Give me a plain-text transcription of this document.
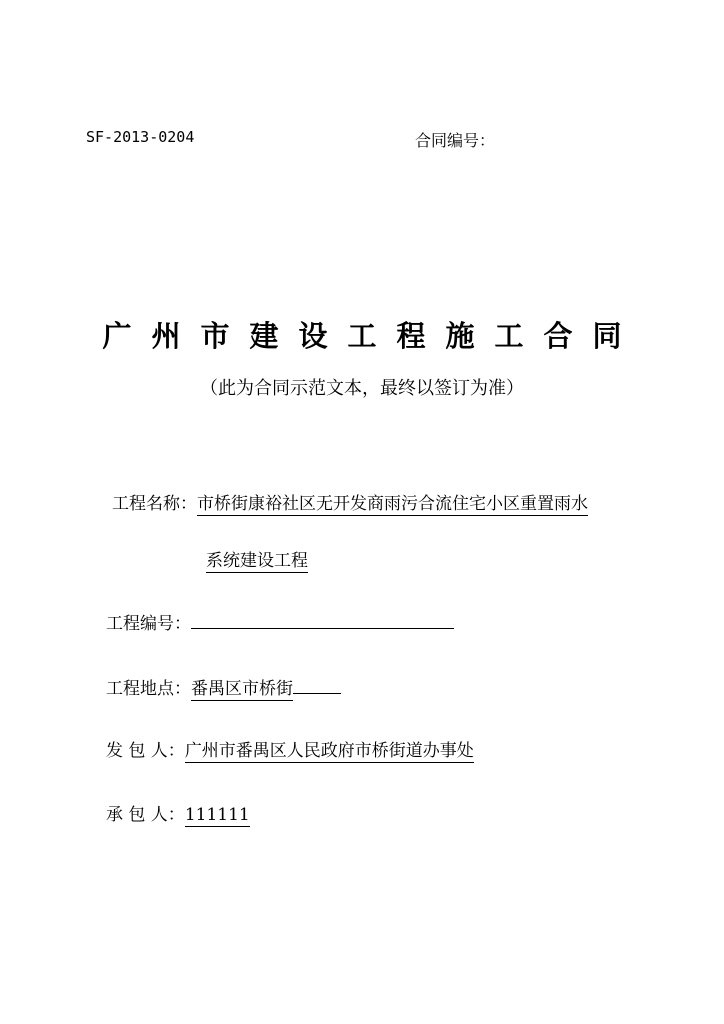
SF-2013-0204	合同编号：
广州市建设工程施工合同
（此为合同示范文本，最终以签订为准）
工程名称：市桥街康裕社区无开发商雨污合流住宅小区重置雨水
系统建设工程
工程编号：
工程地点：番禺区市桥街
发 包 人：广州市番禺区人民政府市桥街道办事处
承 包 人：111111
